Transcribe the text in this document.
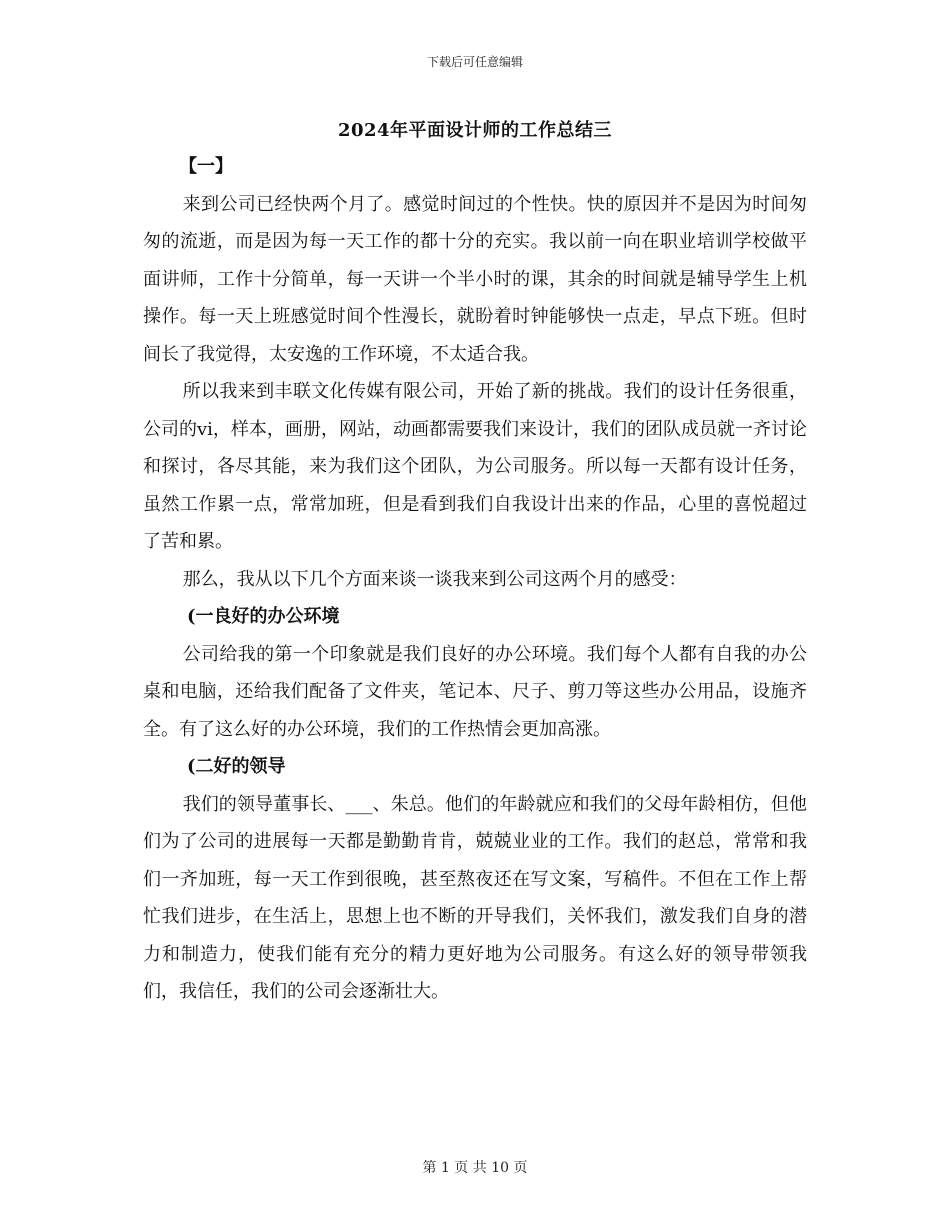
下载后可任意编辑
2024年平面设计师的工作总结三

【一】

来到公司已经快两个月了。感觉时间过的个性快。快的原因并不是因为时间匆匆的流逝，而是因为每一天工作的都十分的充实。我以前一向在职业培训学校做平面讲师，工作十分简单，每一天讲一个半小时的课，其余的时间就是辅导学生上机操作。每一天上班感觉时间个性漫长，就盼着时钟能够快一点走，早点下班。但时间长了我觉得，太安逸的工作环境，不太适合我。

所以我来到丰联文化传媒有限公司，开始了新的挑战。我们的设计任务很重，公司的vi，样本，画册，网站，动画都需要我们来设计，我们的团队成员就一齐讨论和探讨，各尽其能，来为我们这个团队，为公司服务。所以每一天都有设计任务，虽然工作累一点，常常加班，但是看到我们自我设计出来的作品，心里的喜悦超过了苦和累。

那么，我从以下几个方面来谈一谈我来到公司这两个月的感受：

(一良好的办公环境

公司给我的第一个印象就是我们良好的办公环境。我们每个人都有自我的办公桌和电脑，还给我们配备了文件夹，笔记本、尺子、剪刀等这些办公用品，设施齐全。有了这么好的办公环境，我们的工作热情会更加高涨。

(二好的领导

我们的领导董事长、___、朱总。他们的年龄就应和我们的父母年龄相仿，但他们为了公司的进展每一天都是勤勤肯肯，兢兢业业的工作。我们的赵总，常常和我们一齐加班，每一天工作到很晚，甚至熬夜还在写文案，写稿件。不但在工作上帮忙我们进步，在生活上，思想上也不断的开导我们，关怀我们，激发我们自身的潜力和制造力，使我们能有充分的精力更好地为公司服务。有这么好的领导带领我们，我信任，我们的公司会逐渐壮大。

第 1 页 共 10 页
